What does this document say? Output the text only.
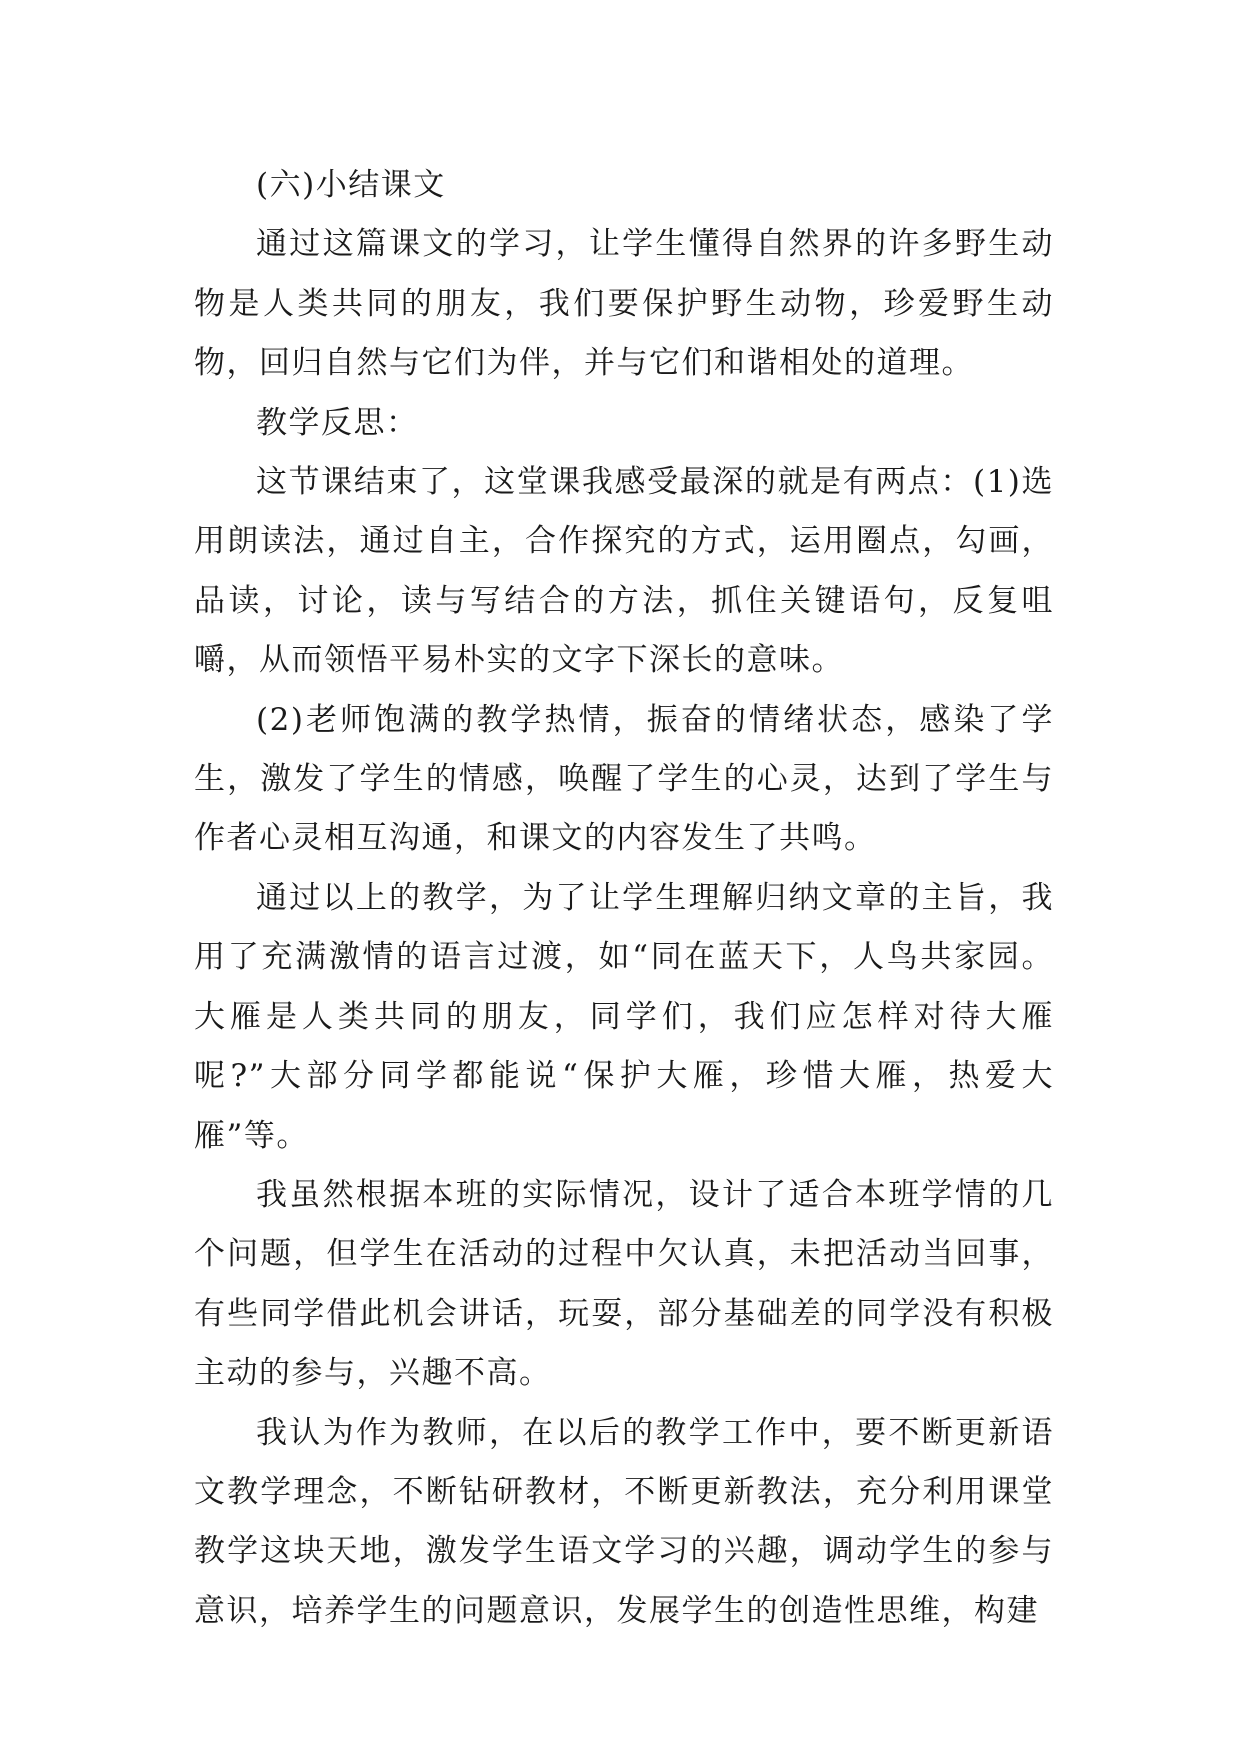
(六)小结课文

通过这篇课文的学习，让学生懂得自然界的许多野生动物是人类共同的朋友，我们要保护野生动物，珍爱野生动物，回归自然与它们为伴，并与它们和谐相处的道理。

教学反思：

这节课结束了，这堂课我感受最深的就是有两点：(1)选用朗读法，通过自主，合作探究的方式，运用圈点，勾画，品读，讨论，读与写结合的方法，抓住关键语句，反复咀嚼，从而领悟平易朴实的文字下深长的意味。

(2)老师饱满的教学热情，振奋的情绪状态，感染了学生，激发了学生的情感，唤醒了学生的心灵，达到了学生与作者心灵相互沟通，和课文的内容发生了共鸣。

通过以上的教学，为了让学生理解归纳文章的主旨，我用了充满激情的语言过渡，如“同在蓝天下，人鸟共家园。大雁是人类共同的朋友，同学们，我们应怎样对待大雁呢?”大部分同学都能说“保护大雁，珍惜大雁，热爱大雁”等。

我虽然根据本班的实际情况，设计了适合本班学情的几个问题，但学生在活动的过程中欠认真，未把活动当回事，有些同学借此机会讲话，玩耍，部分基础差的同学没有积极主动的参与，兴趣不高。

我认为作为教师，在以后的教学工作中，要不断更新语文教学理念，不断钻研教材，不断更新教法，充分利用课堂教学这块天地，激发学生语文学习的兴趣，调动学生的参与意识，培养学生的问题意识，发展学生的创造性思维，构建
